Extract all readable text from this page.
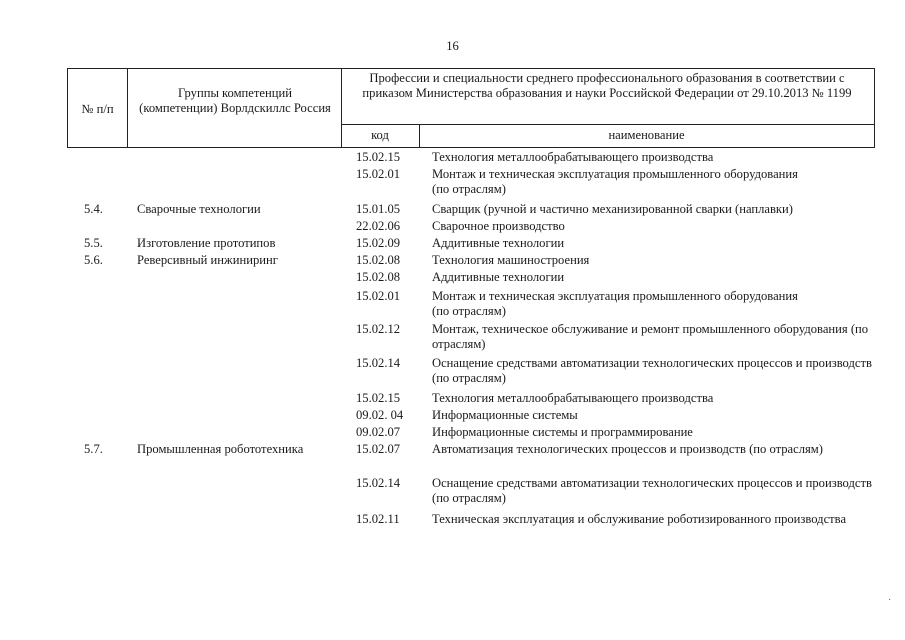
16
№ п/п
Группы компетенций (компетенции) Ворлдскиллс Россия
Профессии и специальности среднего профессионального образования в соответствии с приказом Министерства образования и науки Российской Федерации от 29.10.2013 № 1199
код	наименование
15.02.15	Технология металлообрабатывающего производства
15.02.01	Монтаж и техническая эксплуатация промышленного оборудования (по отраслям)
5.4.	Сварочные технологии	15.01.05	Сварщик (ручной и частично механизированной сварки (наплавки)
22.02.06	Сварочное производство
5.5.	Изготовление прототипов	15.02.09	Аддитивные технологии
5.6.	Реверсивный инжиниринг	15.02.08	Технология машиностроения
15.02.08	Аддитивные технологии
15.02.01	Монтаж и техническая эксплуатация промышленного оборудования (по отраслям)
15.02.12	Монтаж, техническое обслуживание и ремонт промышленного оборудования (по отраслям)
15.02.14	Оснащение средствами автоматизации технологических процессов и производств (по отраслям)
15.02.15	Технология металлообрабатывающего производства
09.02. 04	Информационные системы
09.02.07	Информационные системы и программирование
5.7.	Промышленная робототехника	15.02.07	Автоматизация технологических процессов и производств (по отраслям)
15.02.14	Оснащение средствами автоматизации технологических процессов и производств (по отраслям)
15.02.11	Техническая эксплуатация и обслуживание роботизированного производства
·
